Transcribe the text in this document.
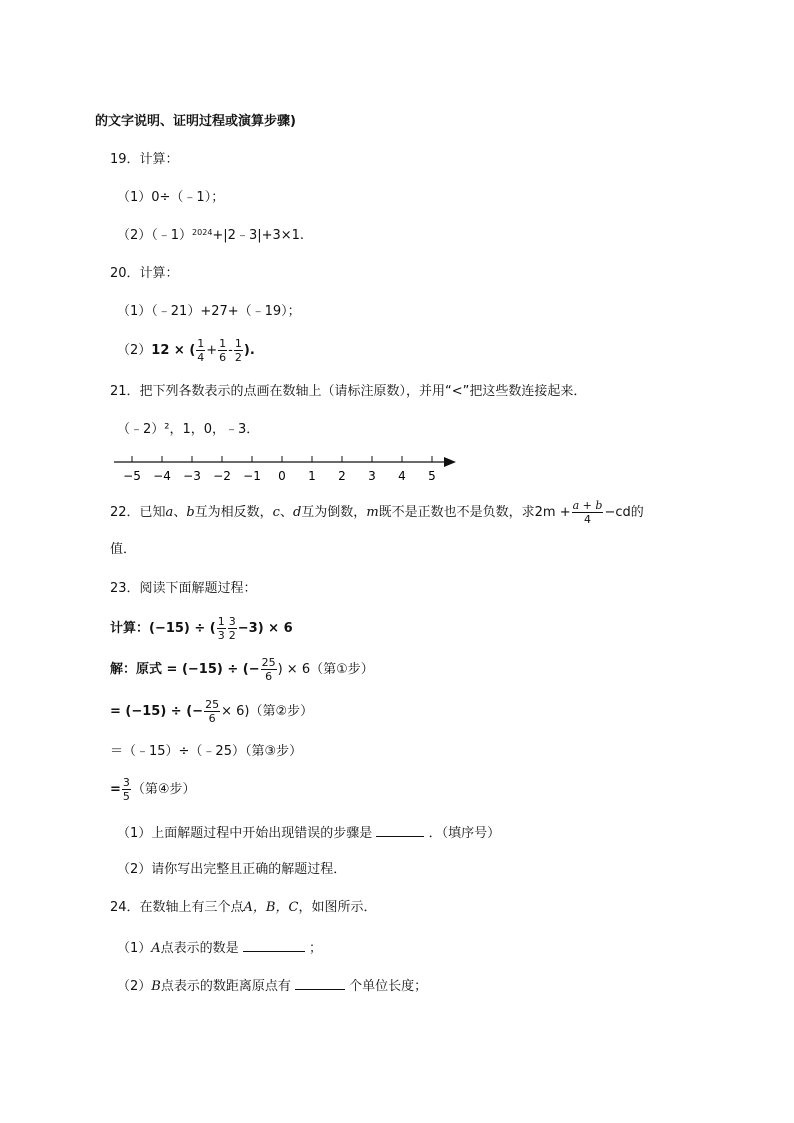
的文字说明、证明过程或演算步骤)
19．计算：
（1）0÷（﹣1）；
（2）（﹣1）$^{2024}$+|2﹣3|+3×1.
20．计算：
（1）（﹣21）+27+（﹣19）；
（2）12 × ( $\frac{1}{4} + \frac{1}{6} - \frac{1}{2}$ ).
21．把下列各数表示的点画在数轴上（请标注原数），并用“<”把这些数连接起来．
（﹣2）²，1，0，﹣3．
−5 −4 −3 −2 −1 0 1 2 3 4 5
22．已知a、b互为相反数，c、d互为倒数，m既不是正数也不是负数，求$2m + \frac{a + b}{4} -cd$的
值．
23．阅读下面解题过程：
计算：(−15) ÷ ( $\frac{1}{3} \frac{3}{2} -3) \times 6$
解：原式 = (−15) ÷ (− $\frac{25}{6}$ ) × 6（第①步）
= (−15) ÷ (− $\frac{25}{6} \times 6$)（第②步）
＝（﹣15）÷（﹣25）（第③步）
= $\frac{3}{5}$ （第④步）
（1）上面解题过程中开始出现错误的步骤是	．（填序号）
（2）请你写出完整且正确的解题过程．
24．在数轴上有三个点A，B，C，如图所示．
（1）A点表示的数是	；
（2）B点表示的数距离原点有	个单位长度；
